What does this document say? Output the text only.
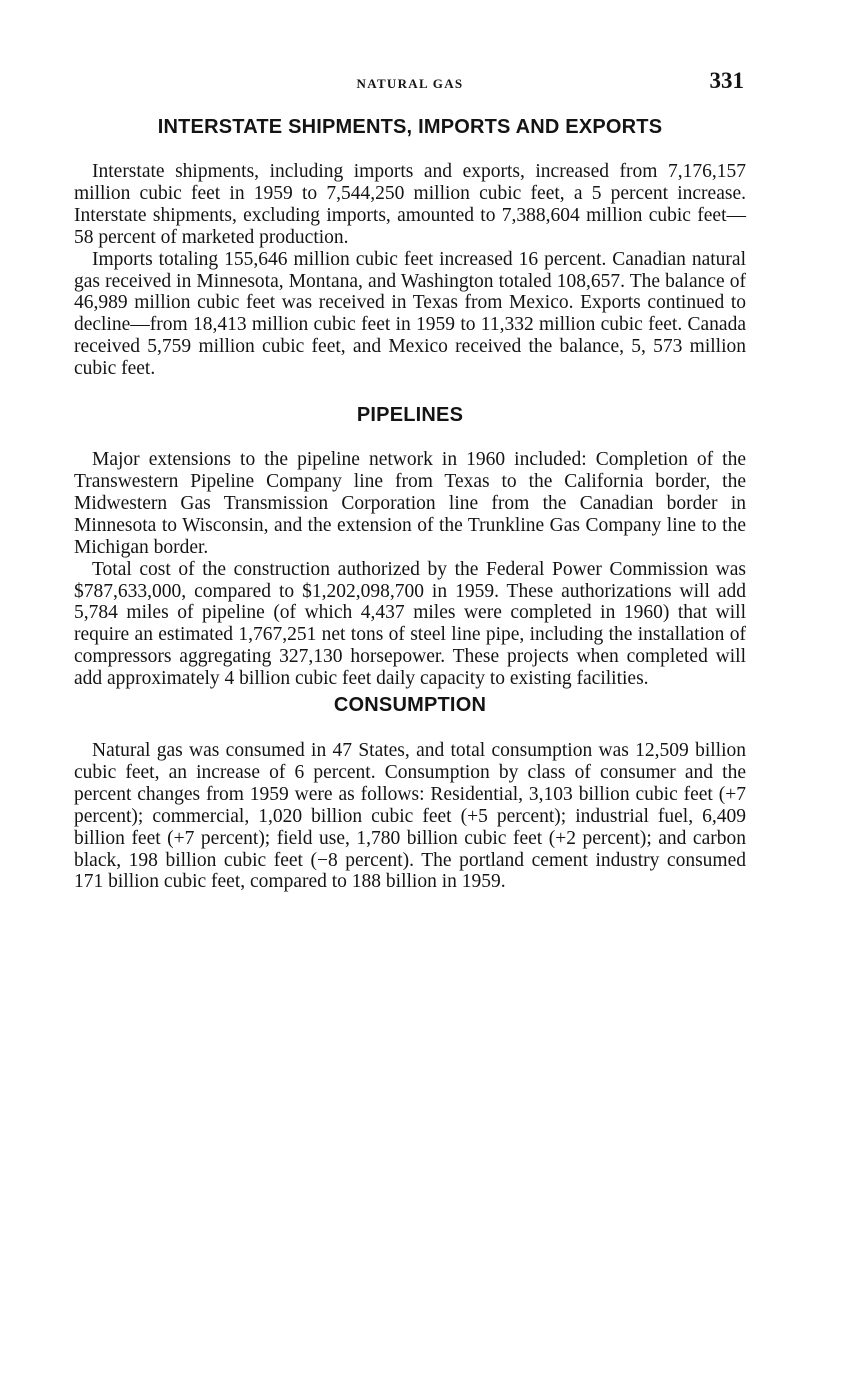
NATURAL GAS	331
INTERSTATE SHIPMENTS, IMPORTS AND EXPORTS

Interstate shipments, including imports and exports, increased from 7,176,157 million cubic feet in 1959 to 7,544,250 million cubic feet, a 5 percent increase. Interstate shipments, excluding imports, amounted to 7,388,604 million cubic feet—58 percent of marketed production.

Imports totaling 155,646 million cubic feet increased 16 percent. Canadian natural gas received in Minnesota, Montana, and Washington totaled 108,657. The balance of 46,989 million cubic feet was received in Texas from Mexico. Exports continued to decline—from 18,413 million cubic feet in 1959 to 11,332 million cubic feet. Canada received 5,759 million cubic feet, and Mexico received the balance, 5, 573 million cubic feet.

PIPELINES

Major extensions to the pipeline network in 1960 included: Completion of the Transwestern Pipeline Company line from Texas to the California border, the Midwestern Gas Transmission Corporation line from the Canadian border in Minnesota to Wisconsin, and the extension of the Trunkline Gas Company line to the Michigan border.

Total cost of the construction authorized by the Federal Power Commission was $787,633,000, compared to $1,202,098,700 in 1959. These authorizations will add 5,784 miles of pipeline (of which 4,437 miles were completed in 1960) that will require an estimated 1,767,251 net tons of steel line pipe, including the installation of compressors aggregating 327,130 horsepower. These projects when completed will add approximately 4 billion cubic feet daily capacity to existing facilities.

CONSUMPTION

Natural gas was consumed in 47 States, and total consumption was 12,509 billion cubic feet, an increase of 6 percent. Consumption by class of consumer and the percent changes from 1959 were as follows: Residential, 3,103 billion cubic feet (+7 percent); commercial, 1,020 billion cubic feet (+5 percent); industrial fuel, 6,409 billion feet (+7 percent); field use, 1,780 billion cubic feet (+2 percent); and carbon black, 198 billion cubic feet (−8 percent). The portland cement industry consumed 171 billion cubic feet, compared to 188 billion in 1959.
